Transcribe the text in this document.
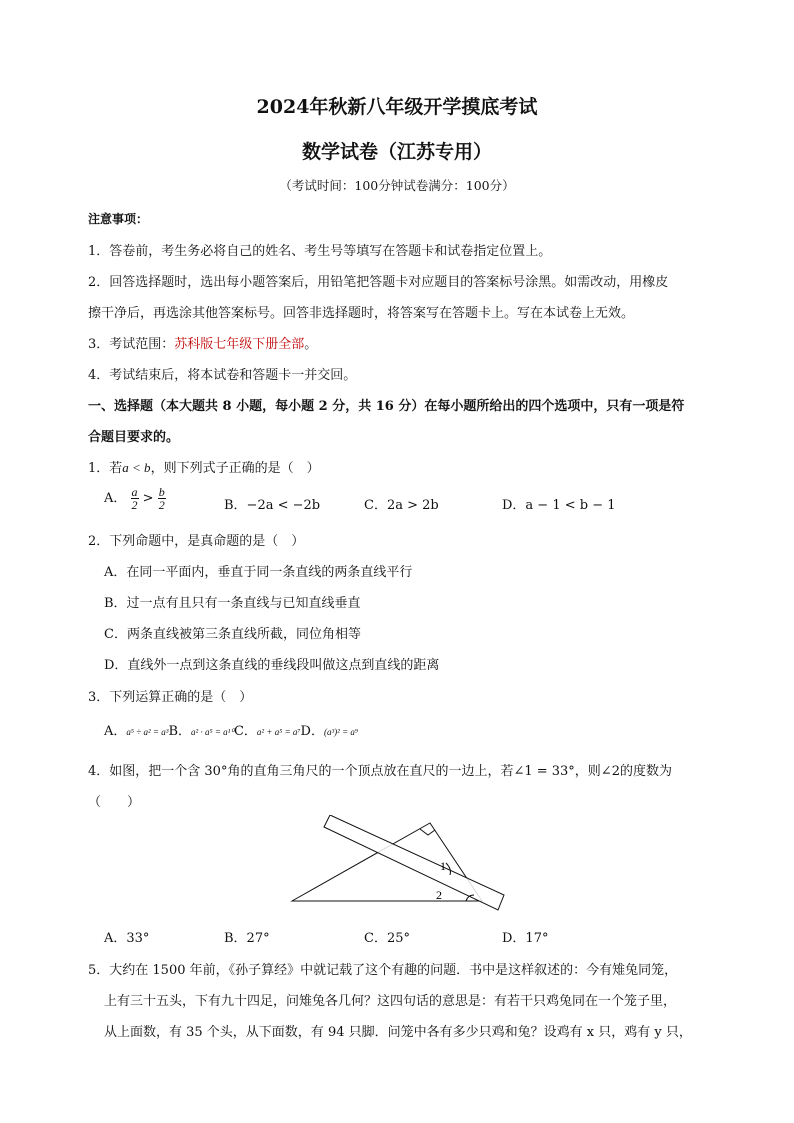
2024年秋新八年级开学摸底考试
数学试卷（江苏专用）
（考试时间：100分钟试卷满分：100分）
注意事项：
1．答卷前，考生务必将自己的姓名、考生号等填写在答题卡和试卷指定位置上。
2．回答选择题时，选出每小题答案后，用铅笔把答题卡对应题目的答案标号涂黑。如需改动，用橡皮
擦干净后，再选涂其他答案标号。回答非选择题时，将答案写在答题卡上。写在本试卷上无效。
3．考试范围：苏科版七年级下册全部。
4．考试结束后，将本试卷和答题卡一并交回。
一、选择题（本大题共 8 小题，每小题 2 分，共 16 分）在每小题所给出的四个选项中，只有一项是符
合题目要求的。
1．若a < b，则下列式子正确的是（　）
A． $\frac{a}{2} > \frac{b}{2}$	B．−2a < −2b	C．2a > 2b	D．a − 1 < b − 1
2．下列命题中，是真命题的是（　）
A．在同一平面内，垂直于同一条直线的两条直线平行
B．过一点有且只有一条直线与已知直线垂直
C．两条直线被第三条直线所截，同位角相等
D．直线外一点到这条直线的垂线段叫做这点到直线的距离
3．下列运算正确的是（　）
A．a⁵ ÷ a² = a³B．a² · a⁵ = a¹⁰C．a² + a⁵ = a⁷D．(a³)² = a⁹
4．如图，把一个含 30°角的直角三角尺的一个顶点放在直尺的一边上，若∠1 = 33°，则∠2的度数为
（　　）
1
2
A．33°	B．27°	C．25°	D．17°
5．大约在 1500 年前，《孙子算经》中就记载了这个有趣的问题．书中是这样叙述的：今有雉兔同笼，
上有三十五头，下有九十四足，问雉兔各几何？这四句话的意思是：有若干只鸡兔同在一个笼子里，
从上面数，有 35 个头，从下面数，有 94 只脚．问笼中各有多少只鸡和兔？设鸡有 x 只，鸡有 y 只，
